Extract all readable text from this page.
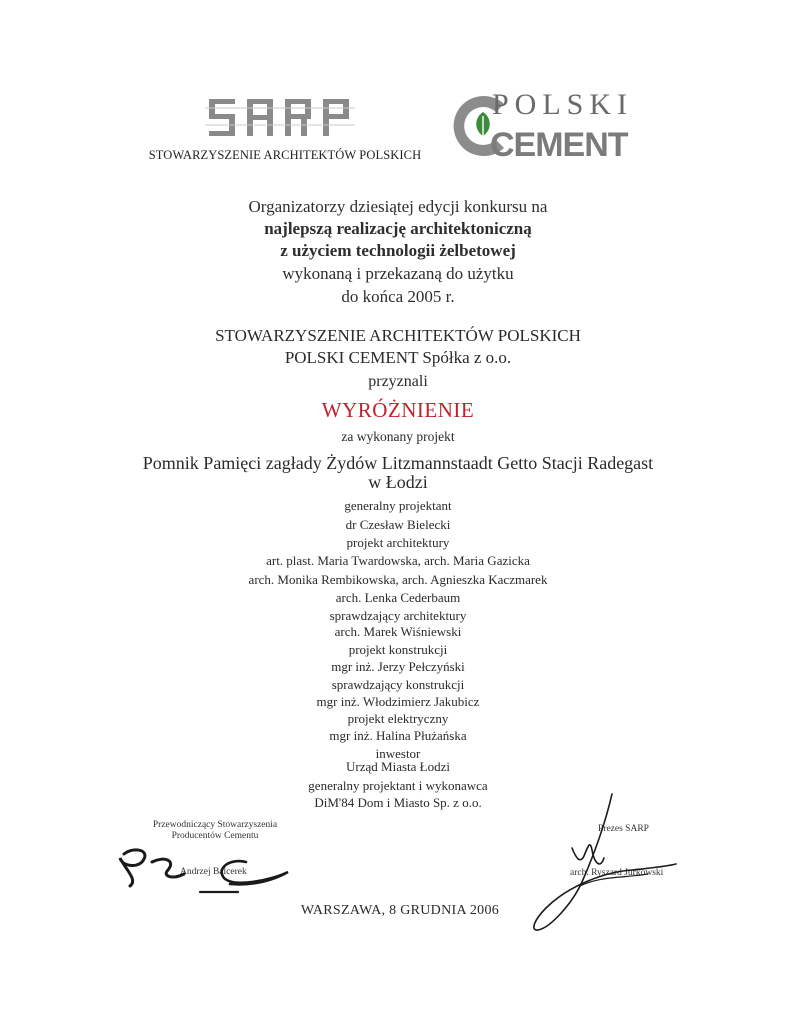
STOWARZYSZENIE ARCHITEKTÓW POLSKICH
POLSKI
CEMENT
Organizatorzy dziesiątej edycji konkursu na
najlepszą realizację architektoniczną
z użyciem technologii żelbetowej
wykonaną i przekazaną do użytku
do końca 2005 r.
STOWARZYSZENIE ARCHITEKTÓW POLSKICH
POLSKI CEMENT Spółka z o.o.
przyznali
WYRÓŻNIENIE
za wykonany projekt
Pomnik Pamięci zagłady Żydów Litzmannstaadt Getto Stacji Radegast
w Łodzi
generalny projektant
dr Czesław Bielecki
projekt architektury
art. plast. Maria Twardowska, arch. Maria Gazicka
arch. Monika Rembikowska, arch. Agnieszka Kaczmarek
arch. Lenka Cederbaum
sprawdzający architektury
arch. Marek Wiśniewski
projekt konstrukcji
mgr inż. Jerzy Pełczyński
sprawdzający konstrukcji
mgr inż. Włodzimierz Jakubicz
projekt elektryczny
mgr inż. Halina Płużańska
inwestor
Urząd Miasta Łodzi
generalny projektant i wykonawca
DiM'84 Dom i Miasto Sp. z o.o.
Przewodniczący Stowarzyszenia
Producentów Cementu
Andrzej Balcerek
Prezes SARP
arch. Ryszard Jurkowski
WARSZAWA, 8 GRUDNIA 2006
